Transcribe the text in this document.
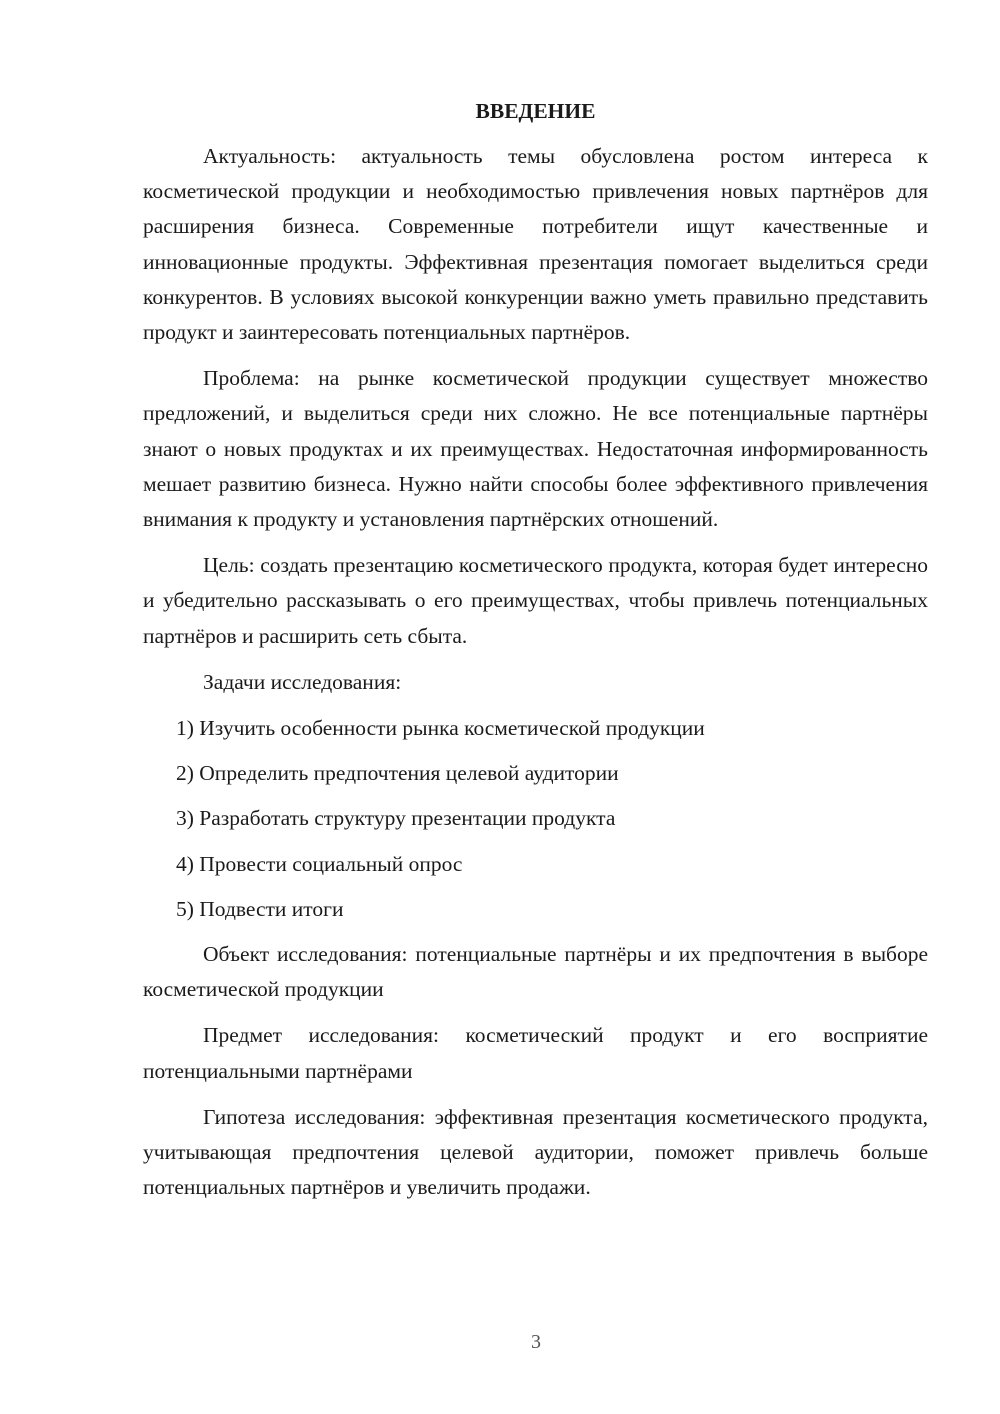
ВВЕДЕНИЕ

Актуальность: актуальность темы обусловлена ростом интереса к косметической продукции и необходимостью привлечения новых партнёров для расширения бизнеса. Современные потребители ищут качественные и инновационные продукты. Эффективная презентация помогает выделиться среди конкурентов. В условиях высокой конкуренции важно уметь правильно представить продукт и заинтересовать потенциальных партнёров.

Проблема: на рынке косметической продукции существует множество предложений, и выделиться среди них сложно. Не все потенциальные партнёры знают о новых продуктах и их преимуществах. Недостаточная информированность мешает развитию бизнеса. Нужно найти способы более эффективного привлечения внимания к продукту и установления партнёрских отношений.

Цель: создать презентацию косметического продукта, которая будет интересно и убедительно рассказывать о его преимуществах, чтобы привлечь потенциальных партнёров и расширить сеть сбыта.

Задачи исследования:

1) Изучить особенности рынка косметической продукции
2) Определить предпочтения целевой аудитории
3) Разработать структуру презентации продукта
4) Провести социальный опрос
5) Подвести итоги

Объект исследования: потенциальные партнёры и их предпочтения в выборе косметической продукции

Предмет исследования: косметический продукт и его восприятие потенциальными партнёрами

Гипотеза исследования: эффективная презентация косметического продукта, учитывающая предпочтения целевой аудитории, поможет привлечь больше потенциальных партнёров и увеличить продажи.

3
